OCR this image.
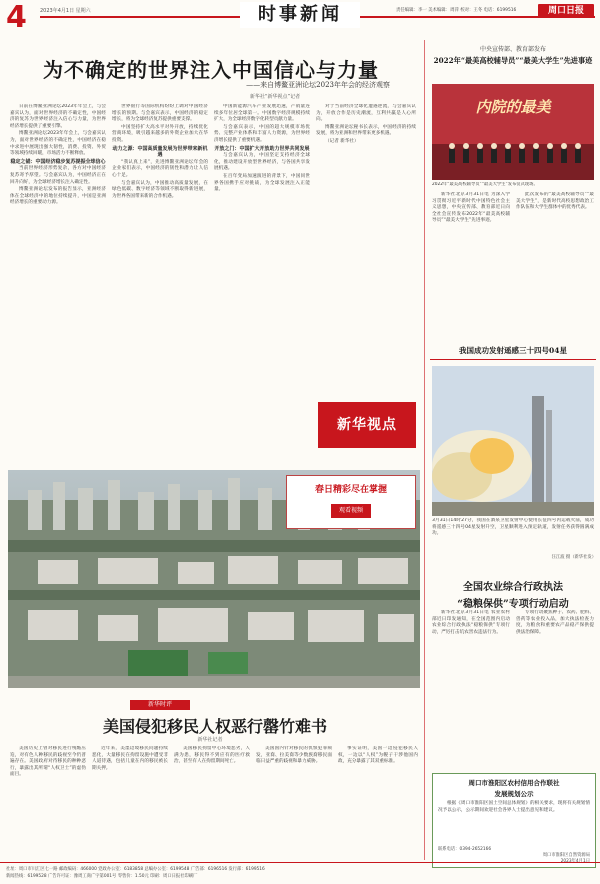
4	2023年4月1日 星期六	时事新闻	责任编辑：李一 美术编辑：周萍 校对：王冬 电话：6199516	周口日报
为不确定的世界注入中国信心与力量
——来自博鳌亚洲论坛2023年年会的经济观察
新华社“新华视点”记者

日前在博鳌亚洲论坛2023年年会上，与会嘉宾认为，面对世界经济的不确定性，中国经济的复苏为世界经济注入信心与力量，为世界经济增长提供了重要引擎。

博鳌亚洲论坛2023年年会上，与会嘉宾认为，面对世界经济的不确定性，中国经济在稳中求进中展现出强大韧性，消费、投资、外贸等领域持续回暖，市场活力不断释放。

稳定之锚：中国经济稳步复苏提振全球信心

当前世界经济形势复杂，各方对中国经济复苏寄予厚望。与会嘉宾认为，中国经济正在回升向好，为全球经济增长注入确定性。

博鳌亚洲论坛发布的报告显示，亚洲经济体在全球经济中的地位持续提升，中国是亚洲经济增长的重要动力源。

世界银行等国际机构纷纷上调对中国经济增长的预期。与会嘉宾表示，中国经济的稳定增长，将为全球经济复苏提供重要支撑。

中国坚持扩大高水平对外开放，持续优化营商环境，吸引越来越多的外资企业加大在华投资。

动力之源：中国高质量发展为世界带来新机遇

“我认真上来”，先进博鳌亚洲论坛年会的企业家们表示，中国经济的韧性和潜力让人信心十足。

与会嘉宾认为，中国推动高质量发展，在绿色低碳、数字经济等领域不断取得新进展，为世界各国带来新的合作机遇。

中国新能源汽车产业发展迅速，产销量连续多年位居全球第一。中国数字经济规模持续扩大，为全球经济数字化转型贡献力量。

与会嘉宾表示，中国的超大规模市场优势、完整产业体系和丰富人力资源，为世界经济增长提供了重要机遇。

开放之门：中国扩大开放助力世界共同发展

与会嘉宾认为，中国坚定支持经济全球化，推动建设开放型世界经济，与各国共享发展机遇。

在百年变局加速演进的背景下，中国同世界各国携手应对挑战，为全球发展注入正能量。

对于当前经济全球化遭遇逆流，与会嘉宾认为，开放合作是历史潮流，互利共赢是人心所向。

博鳌亚洲论坛秘书长表示，中国经济的持续发展，将为亚洲和世界带来更多机遇。

（记者 新华社）

新华视点
春日精彩尽在掌握
观看视频
新华时评
美国侵犯移民人权恶行罄竹难书
新华社记者

美国历史上曾对移民进行残酷压迫，对有色人种移民的歧视至今仍普遍存在。美国政府对待移民的种种恶行，暴露出其所谓“人权卫士”的虚伪面目。

近年来，美墨边境移民问题持续恶化，大量移民在拘留设施中遭受非人道待遇，包括儿童在内的移民被长期关押。

美国移民拘留中心环境恶劣，人满为患，移民得不到应有的医疗救治，甚至有人在拘留期间死亡。

美国国内针对移民的仇恨犯罪频发，亚裔、拉美裔等少数族裔移民面临日益严重的歧视和暴力威胁。

事实证明，美国一边侵犯移民人权，一边以“人权”为幌子干涉他国内政，充分暴露了其双重标准。

中央宣传部、教育部发布
2022年“最美高校辅导员”“最美大学生”先进事迹
内院的最美
2022年“最美高校辅导员”“最美大学生”发布仪式现场。

新华社北京3月31日电 为深入学习贯彻习近平新时代中国特色社会主义思想，中央宣传部、教育部近日向全社会宣传发布2022年“最美高校辅导员”“最美大学生”先进事迹。

此次发布的“最美高校辅导员”“最美大学生”，是新时代高校思想政治工作队伍和大学生群体中的优秀代表。

我国成功发射遥感三十四号04星

3月31日14时27分，我国在酒泉卫星发射中心使用长征四号丙运载火箭，成功将遥感三十四号04星发射升空，卫星顺利进入预定轨道，发射任务获得圆满成功。

汪江波 摄（新华社发）
全国农业综合行政执法
“稳粮保供”专项行动启动

新华社北京3月31日电 农业农村部近日印发通知，在全国范围内启动农业综合行政执法“稳粮保供”专项行动，严厉打击坑农害农违法行为。

专项行动聚焦种子、农药、肥料、兽药等农业投入品，加大执法检查力度，为粮食和重要农产品稳产保供提供法治保障。

周口市淮阳区农村信用合作联社
发展规划公示

根据《周口市淮阳区国土空间总体规划》的相关要求，现将有关规划情况予以公示，公示期间欢迎社会各界人士提出意见和建议。

联系电话：0394-2652166
周口市淮阳区自然资源局
2023年4月1日
社址：周口市川汇区七一路 邮政编码：466000 党政办公室：6183858 总编办公室：6199548 广告部：6196516 发行部：6199516
新闻热线：6199528 广告许可证：豫周工商广字第001号 零售价：1.50元 印刷：周口日报社印刷厂
